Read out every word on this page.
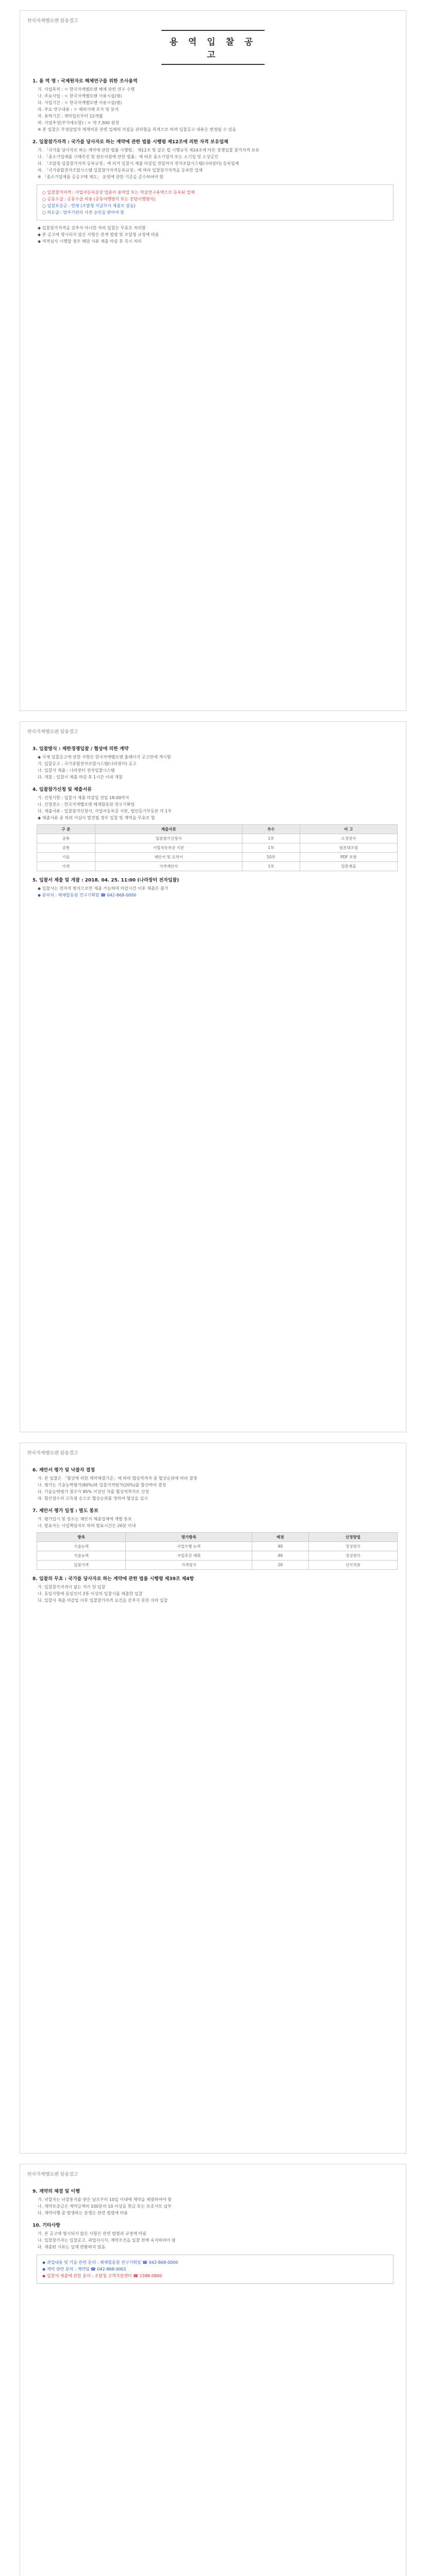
한국자케벨로팬 탐용결고
용 역 입 찰 공 고
1. 용 역 명 : 국제원자로 해체연구를 위한 조사용역
가. 사업목적 : ㅇ 한국자케벨로팬 해체 관련 연구 수행
나. 주요사업 : ㅇ 한국자케벨로팬 사용시설(평)
다. 사업기간 : ㅇ 한국자케벨로팬 사용시설(평)
라. 주요 연구내용 : ㅇ 해외사례 조사 및 분석
마. 용역기간 : 계약일로부터 12개월
바. 사업추정(부가세포함) : ㅇ 약 7,500 원정
※ 본 입찰은 부정당업자 제재처분 관련 업체의 자질을 관리함을 목적으로 하며 입찰공고 내용은 변경될 수 있음
2. 입찰참가자격 : 국가를 당사자로 하는 계약에 관한 법률 시행령 제12조에 의한 자격 보유업체
가. 「국가를 당사자로 하는 계약에 관한 법률 시행령」 제12조 및 같은 법 시행규칙 제14조에 따른 경쟁입찰 참가자격 보유
나. 「중소기업제품 구매촉진 및 판로지원에 관한 법률」에 따른 중소기업자 또는 소기업 및 소상공인
다. 「조달청 입찰참가자격 등록규정」에 의거 입찰서 제출 마감일 전일까지 전자조달시스템(나라장터) 등록업체
라. 「국가종합전자조달시스템 입찰참가자격등록규정」에 따라 입찰참가자격을 등록한 업체
※ 「중소기업제품 공공구매 제도」 운영에 관한 기준을 준수하여야 함
○ 입찰참가자격 : 사업자등록증상 업종이 용역업 또는 학술연구용역으로 등록된 업체
○ 공동수급 : 공동수급 허용 (공동이행방식 또는 분담이행방식)
○ 입찰보증금 : 면제 (조달청 지급각서 제출로 갈음)
○ 하도급 : 발주기관의 사전 승인을 받아야 함
◆ 입찰참가자격을 갖추지 아니한 자의 입찰은 무효로 처리함
◆ 본 공고에 명시되지 않은 사항은 관계 법령 및 조달청 규정에 따름
◆ 적격심사 시행할 경우 해당 서류 제출 마감 후 즉시 처리
한국자케벨로팬 탐용결고
3. 입찰방식 : 제한경쟁입찰 / 협상에 의한 계약
◆ 국제 입찰공고에 관한 사항은 한국자케벨로팬 홈페이지 공고란에 게시함
가. 입찰공고 : 국가종합전자조달시스템(나라장터) 공고
나. 입찰서 제출 : 나라장터 전자입찰시스템
다. 개찰 : 입찰서 제출 마감 후 1시간 이내 개찰
4. 입찰참가신청 및 제출서류
가. 신청기한 : 입찰서 제출 마감일 전일 18:00까지
나. 신청장소 : 한국자케벨로팬 해체합동원 연구기획팀
다. 제출서류 : 입찰참가신청서, 사업자등록증 사본, 법인등기부등본 각 1부
◆ 제출서류 중 허위 사실이 발견될 경우 입찰 및 계약을 무효로 함
구 분	제출서류	부수	비 고
공통	입찰참가신청서	1부	소정양식
공통	사업자등록증 사본	1부	원본대조필
기술	제안서 및 요약서	10부	PDF 포함
가격	가격제안서	1부	밀봉제출
5. 입찰서 제출 및 개찰 : 2018. 04. 25. 11:00 (나라장터 전자입찰)
◆ 입찰서는 전자적 방식으로만 제출 가능하며 마감시간 이후 제출은 불가
◆ 문의처 : 해체합동원 연구기획팀 ☎ 042-868-0000
한국자케벨로팬 탐용결고
6. 제안서 평가 및 낙찰자 결정
가. 본 입찰은 「협상에 의한 계약체결기준」에 따라 협상적격자 중 협상순위에 따라 결정
나. 평가는 기술능력평가(80%)와 입찰가격평가(20%)를 합산하여 결정
다. 기술능력평가 점수가 85% 이상인 자를 협상적격자로 선정
라. 합산점수의 고득점 순으로 협상순위를 정하여 협상을 실시
7. 제안서 평가 일정 : 별도 통보
가. 평가일시 및 장소는 제안서 제출업체에 개별 통보
나. 발표자는 사업책임자로 하며 발표시간은 20분 이내
항목	평가항목	배점	산정방법
기술능력	사업수행 능력	40	정성평가
기술능력	사업추진 계획	40	정성평가
입찰가격	가격평가	20	산식적용
8. 입찰의 무효 : 국가를 당사자로 하는 계약에 관한 법률 시행령 제39조 제4항
가. 입찰참가자격이 없는 자가 한 입찰
나. 동일사항에 동일인이 2통 이상의 입찰서를 제출한 입찰
다. 입찰서 제출 마감일 이후 입찰참가자격 요건을 갖추지 못한 자의 입찰
한국자케벨로팬 탐용결고
9. 계약의 체결 및 이행
가. 낙찰자는 낙찰통지를 받은 날로부터 10일 이내에 계약을 체결하여야 함
나. 계약보증금은 계약금액의 100분의 10 이상을 현금 또는 보증서로 납부
다. 계약이행 중 발생하는 분쟁은 관련 법령에 따름
10. 기타사항
가. 본 공고에 명시되지 않은 사항은 관련 법령과 규정에 따름
나. 입찰참가자는 입찰공고, 과업지시서, 계약조건을 입찰 전에 숙지하여야 함
다. 제출된 서류는 일체 반환하지 않음
◆ 과업내용 및 기술 관련 문의 : 해체합동원 연구기획팀 ☎ 042-868-0000
◆ 계약 관련 문의 : 계약팀 ☎ 042-868-0001
◆ 입찰서 제출에 관한 문의 : 조달청 고객지원센터 ☎ 1588-0800
